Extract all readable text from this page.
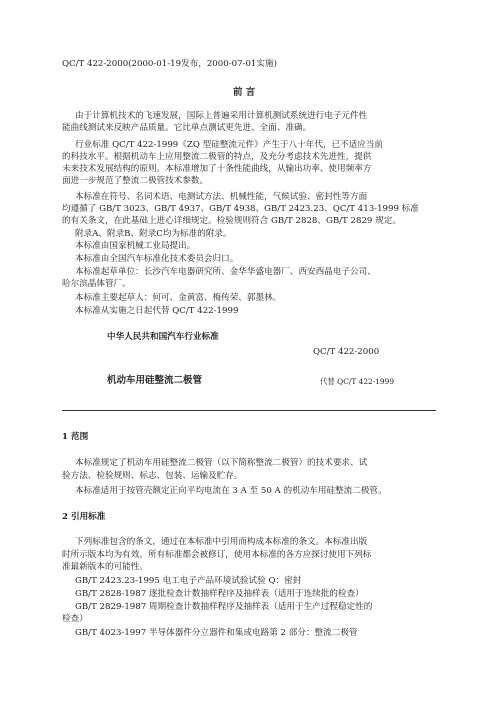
QC/T 422-2000(2000-01-19发布，2000-07-01实施)
前 言
由于计算机技术的飞速发展，国际上普遍采用计算机测试系统进行电子元件性
能曲线测试来反映产品质量。它比单点测试更先进、全面、准确。
行业标准 QC/T 422-1999《ZQ 型硅整流元件》产生于八十年代，已不适应当前
的科技水平。根据机动车上应用整流二极管的特点，及充分考虑技术先进性，提供
未来技术发展结构的原则。本标准增加了十条性能曲线，从输出功率、使用频率方
面进一步规范了整流二极管技术参数。
本标准在符号、名词术语、电测试方法、机械性能，气候试验、密封性等方面
均遵循了 GB/T 3023、GB/T 4937、GB/T 4938、GB/T 2423.23、QC/T 413-1999 标准
的有关条文，在此基础上进心详细规定。检验规则符合 GB/T 2828、GB/T 2829 规定。
附录A、附录B、附录C均为标准的附录。
本标准由国家机械工业局提出。
本标准由全国汽车标准化技术委员会归口。
本标准起草单位：长沙汽车电器研究所、金华华盛电器厂、西安西晶电子公司、
哈尔滨晶体管厂。
本标准主要起草人：何可、金黄富、梅传荣、郭墨林。
本标准从实施之日起代替 QC/T 422-1999
中华人民共和国汽车行业标准
QC/T 422-2000
机动车用硅整流二极管	代替 QC/T 422-1999
1 范围
本标准规定了机动车用硅整流二极管（以下简称整流二极管）的技术要求、试
验方法、检验规则、标志、包装、运输及贮存。
本标准适用于按管壳额定正向平均电流在 3 A 至 50 A 的机动车用硅整流二极管。
2 引用标准
下列标准包含的条文，通过在本标准中引用而构成本标准的条文。本标准出版
时所示版本均为有效。所有标准都会被修订，使用本标准的各方应探讨使用下列标
准最新版本的可能性。
GB/T 2423.23-1995 电工电子产品环境试验试验 Q：密封
GB/T 2828-1987 逐批检查计数抽样程序及抽样表（适用于连续批的检查）
GB/T 2829-1987 周期检查计数抽样程序及抽样表（适用于生产过程稳定性的
检查）
GB/T 4023-1997 半导体器件分立器件和集成电路第 2 部分：整流二极管
